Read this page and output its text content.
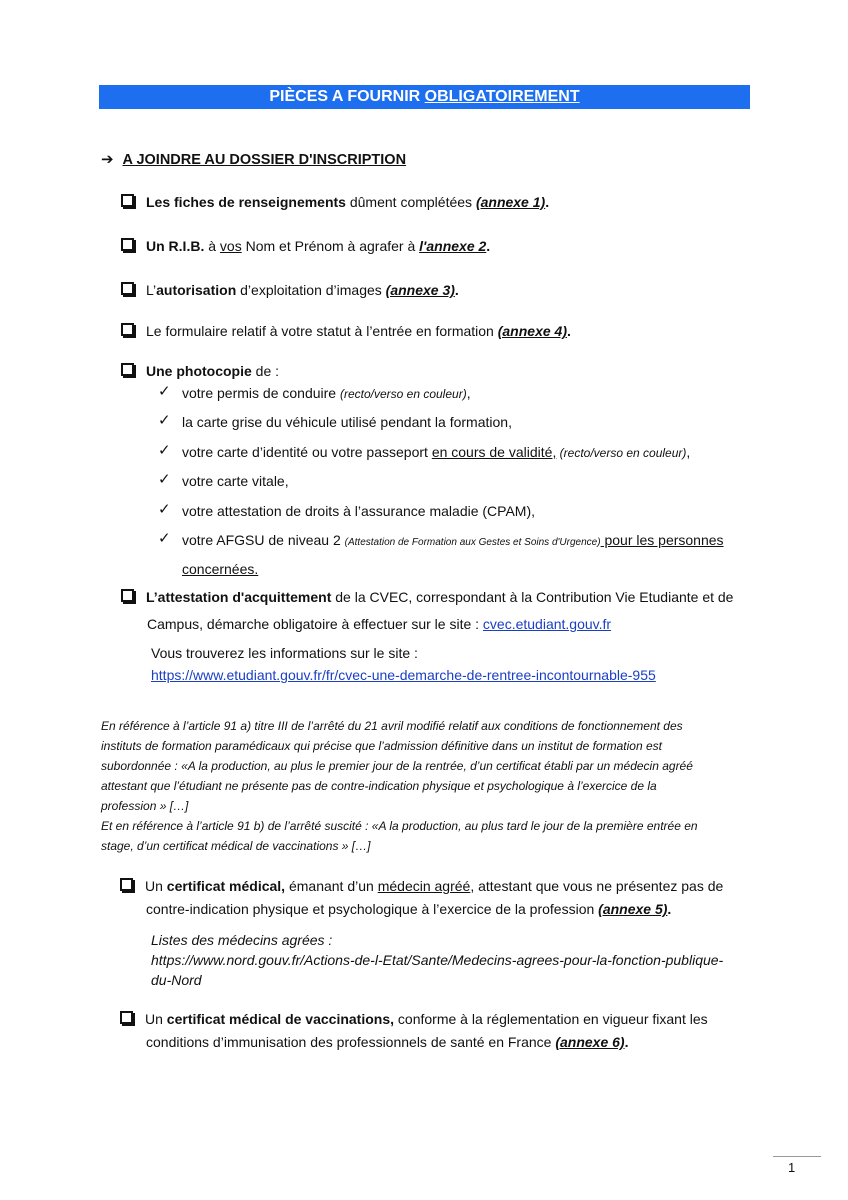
PIÈCES A FOURNIR OBLIGATOIREMENT
➔ A JOINDRE AU DOSSIER D'INSCRIPTION
Les fiches de renseignements dûment complétées (annexe 1).
Un R.I.B. à vos Nom et Prénom à agrafer à l'annexe 2.
L’autorisation d’exploitation d’images (annexe 3).
Le formulaire relatif à votre statut à l’entrée en formation (annexe 4).
Une photocopie de :
✓ votre permis de conduire (recto/verso en couleur),
✓ la carte grise du véhicule utilisé pendant la formation,
✓ votre carte d’identité ou votre passeport en cours de validité, (recto/verso en couleur),
✓ votre carte vitale,
✓ votre attestation de droits à l’assurance maladie (CPAM),
✓ votre AFGSU de niveau 2 (Attestation de Formation aux Gestes et Soins d'Urgence) pour les personnes
concernées.
L’attestation d'acquittement de la CVEC, correspondant à la Contribution Vie Etudiante et de
Campus, démarche obligatoire à effectuer sur le site : cvec.etudiant.gouv.fr
Vous trouverez les informations sur le site :
https://www.etudiant.gouv.fr/fr/cvec-une-demarche-de-rentree-incontournable-955
En référence à l’article 91 a) titre III de l’arrêté du 21 avril modifié relatif aux conditions de fonctionnement des
instituts de formation paramédicaux qui précise que l’admission définitive dans un institut de formation est
subordonnée : «A la production, au plus le premier jour de la rentrée, d’un certificat établi par un médecin agréé
attestant que l’étudiant ne présente pas de contre-indication physique et psychologique à l’exercice de la
profession » […]
Et en référence à l’article 91 b) de l’arrêté suscité : «A la production, au plus tard le jour de la première entrée en
stage, d’un certificat médical de vaccinations » […]
Un certificat médical, émanant d’un médecin agréé, attestant que vous ne présentez pas de
contre-indication physique et psychologique à l’exercice de la profession (annexe 5).
Listes des médecins agrées :
https://www.nord.gouv.fr/Actions-de-l-Etat/Sante/Medecins-agrees-pour-la-fonction-publique-
du-Nord
Un certificat médical de vaccinations, conforme à la réglementation en vigueur fixant les
conditions d’immunisation des professionnels de santé en France (annexe 6).
1
